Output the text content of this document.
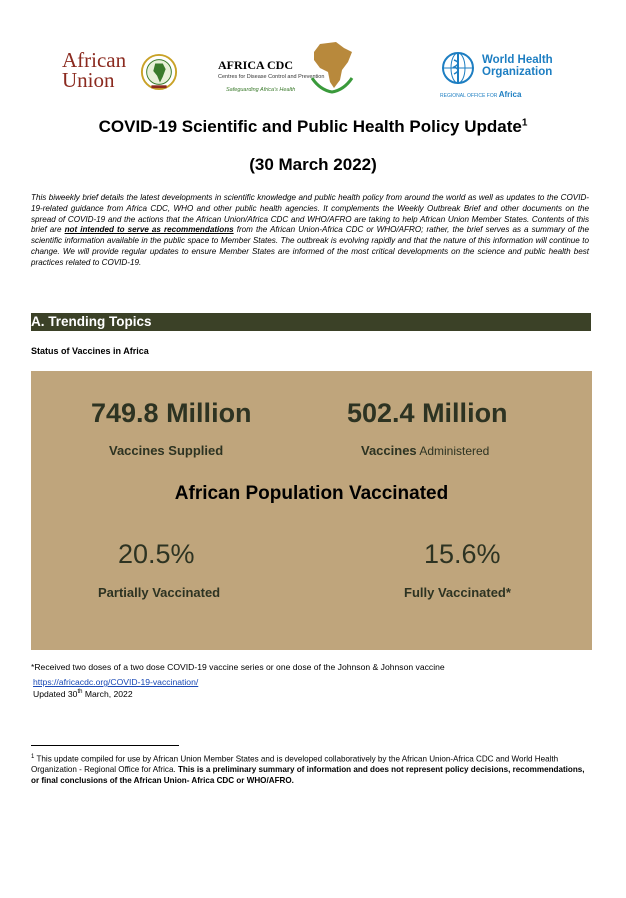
African
Union
AFRICA CDC
Centres for Disease Control and Prevention
Safeguarding Africa's Health
World Health
Organization
REGIONAL OFFICE FOR Africa
COVID-19 Scientific and Public Health Policy Update$^1$
(30 March 2022)
This biweekly brief details the latest developments in scientific knowledge and public health policy from around the world as well as updates to the COVID-19-related guidance from Africa CDC, WHO and other public health agencies. It complements the Weekly Outbreak Brief and other documents on the spread of COVID-19 and the actions that the African Union/Africa CDC and WHO/AFRO are taking to help African Union Member States. Contents of this brief are not intended to serve as recommendations from the African Union-Africa CDC or WHO/AFRO; rather, the brief serves as a summary of the scientific information available in the public space to Member States. The outbreak is evolving rapidly and that the nature of this information will continue to change. We will provide regular updates to ensure Member States are informed of the most critical developments on the science and public health best practices related to COVID-19.
A. Trending Topics
Status of Vaccines in Africa
749.8 Million
Vaccines Supplied
502.4 Million
Vaccines Administered
African Population Vaccinated
20.5%
Partially Vaccinated
15.6%
Fully Vaccinated*
*Received two doses of a two dose COVID-19 vaccine series or one dose of the Johnson & Johnson vaccine
https://africacdc.org/COVID-19-vaccination/
Updated 30th March, 2022
$^1$ This update compiled for use by African Union Member States and is developed collaboratively by the African Union-Africa CDC and World Health Organization - Regional Office for Africa. This is a preliminary summary of information and does not represent policy decisions, recommendations, or final conclusions of the African Union- Africa CDC or WHO/AFRO.
